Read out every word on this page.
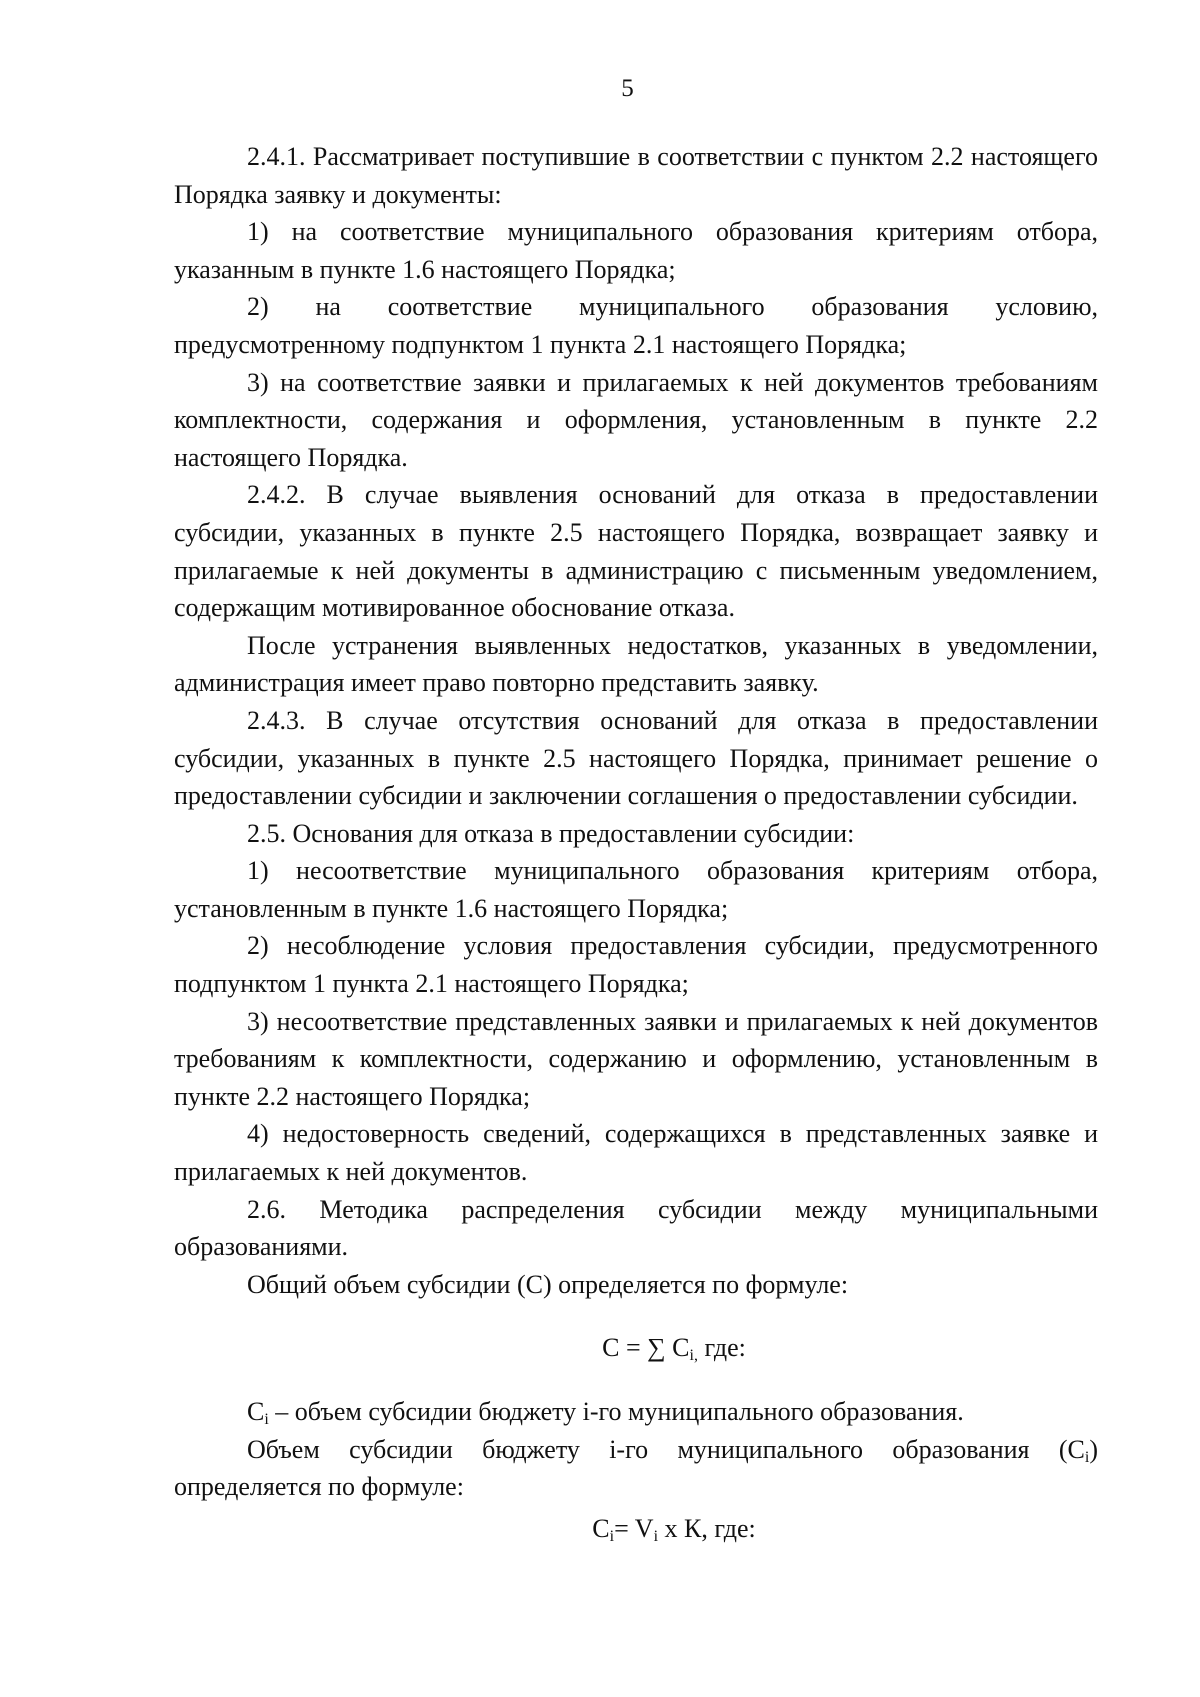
5

2.4.1. Рассматривает поступившие в соответствии с пунктом 2.2 настоящего Порядка заявку и документы:

1) на соответствие муниципального образования критериям отбора, указанным в пункте 1.6 настоящего Порядка;

2) на соответствие муниципального образования условию, предусмотренному подпунктом 1 пункта 2.1 настоящего Порядка;

3) на соответствие заявки и прилагаемых к ней документов требованиям комплектности, содержания и оформления, установленным в пункте 2.2 настоящего Порядка.

2.4.2. В случае выявления оснований для отказа в предоставлении субсидии, указанных в пункте 2.5 настоящего Порядка, возвращает заявку и прилагаемые к ней документы в администрацию с письменным уведомлением, содержащим мотивированное обоснование отказа.

После устранения выявленных недостатков, указанных в уведомлении, администрация имеет право повторно представить заявку.

2.4.3. В случае отсутствия оснований для отказа в предоставлении субсидии, указанных в пункте 2.5 настоящего Порядка, принимает решение о предоставлении субсидии и заключении соглашения о предоставлении субсидии.

2.5. Основания для отказа в предоставлении субсидии:

1) несоответствие муниципального образования критериям отбора, установленным в пункте 1.6 настоящего Порядка;

2) несоблюдение условия предоставления субсидии, предусмотренного подпунктом 1 пункта 2.1 настоящего Порядка;

3) несоответствие представленных заявки и прилагаемых к ней документов требованиям к комплектности, содержанию и оформлению, установленным в пункте 2.2 настоящего Порядка;

4) недостоверность сведений, содержащихся в представленных заявке и прилагаемых к ней документов.

2.6. Методика распределения субсидии между муниципальными образованиями.

Общий объем субсидии (С) определяется по формуле:

С = ∑ $С_{i,}$ где:

$С_i$ – объем субсидии бюджету i-го муниципального образования.

Объем субсидии бюджету i-го муниципального образования $(С_i)$ определяется по формуле:

$С_i= V_i$ х К, где:
